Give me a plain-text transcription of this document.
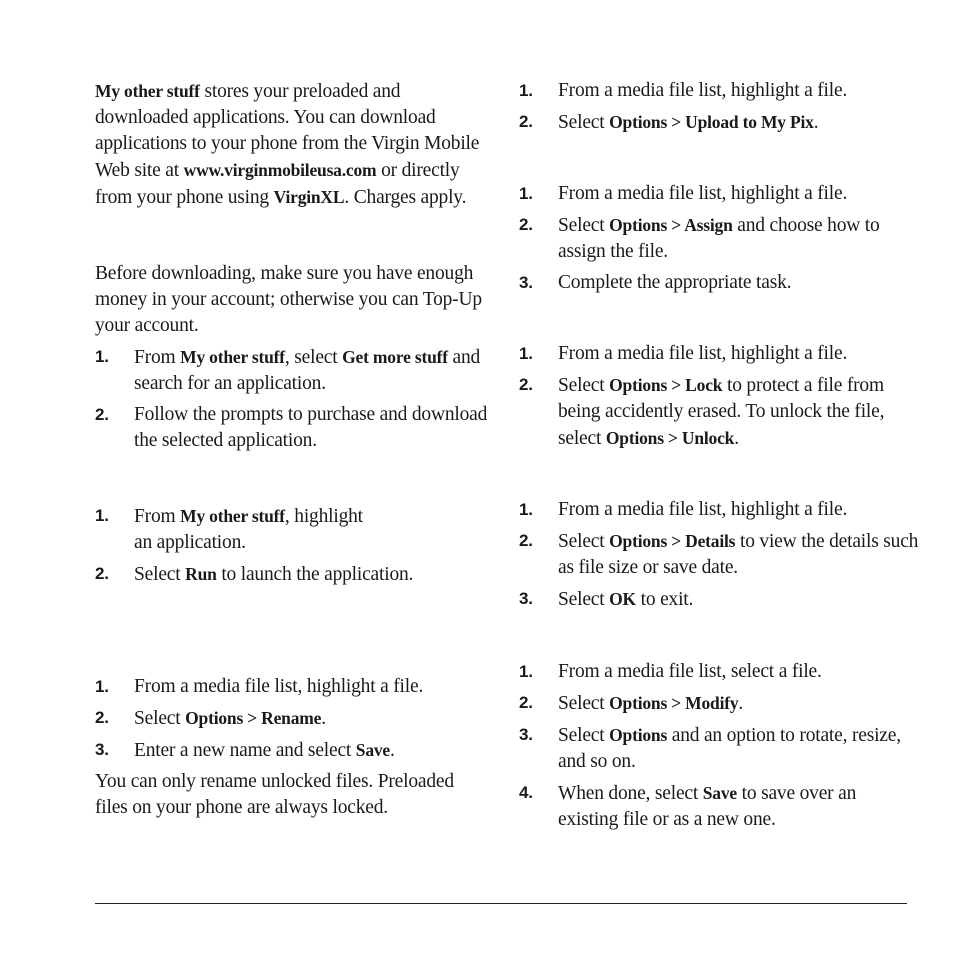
My other stuff stores your preloaded and downloaded applications. You can download applications to your phone from the Virgin Mobile Web site at www.virginmobileusa.com or directly from your phone using VirginXL. Charges apply.

Before downloading, make sure you have enough money in your account; otherwise you can Top-Up your account.

1. From My other stuff, select Get more stuff and search for an application.
2. Follow the prompts to purchase and download the selected application.
1. From My other stuff, highlight
an application.
2. Select Run to launch the application.
1. From a media file list, highlight a file.
2. Select Options > Rename.
3. Enter a new name and select Save.

You can only rename unlocked files. Preloaded files on your phone are always locked.

1. From a media file list, highlight a file.
2. Select Options > Upload to My Pix.
1. From a media file list, highlight a file.
2. Select Options > Assign and choose how to assign the file.
3. Complete the appropriate task.
1. From a media file list, highlight a file.
2. Select Options > Lock to protect a file from being accidently erased. To unlock the file, select Options > Unlock.
1. From a media file list, highlight a file.
2. Select Options > Details to view the details such as file size or save date.
3. Select OK to exit.
1. From a media file list, select a file.
2. Select Options > Modify.
3. Select Options and an option to rotate, resize, and so on.
4. When done, select Save to save over an existing file or as a new one.
